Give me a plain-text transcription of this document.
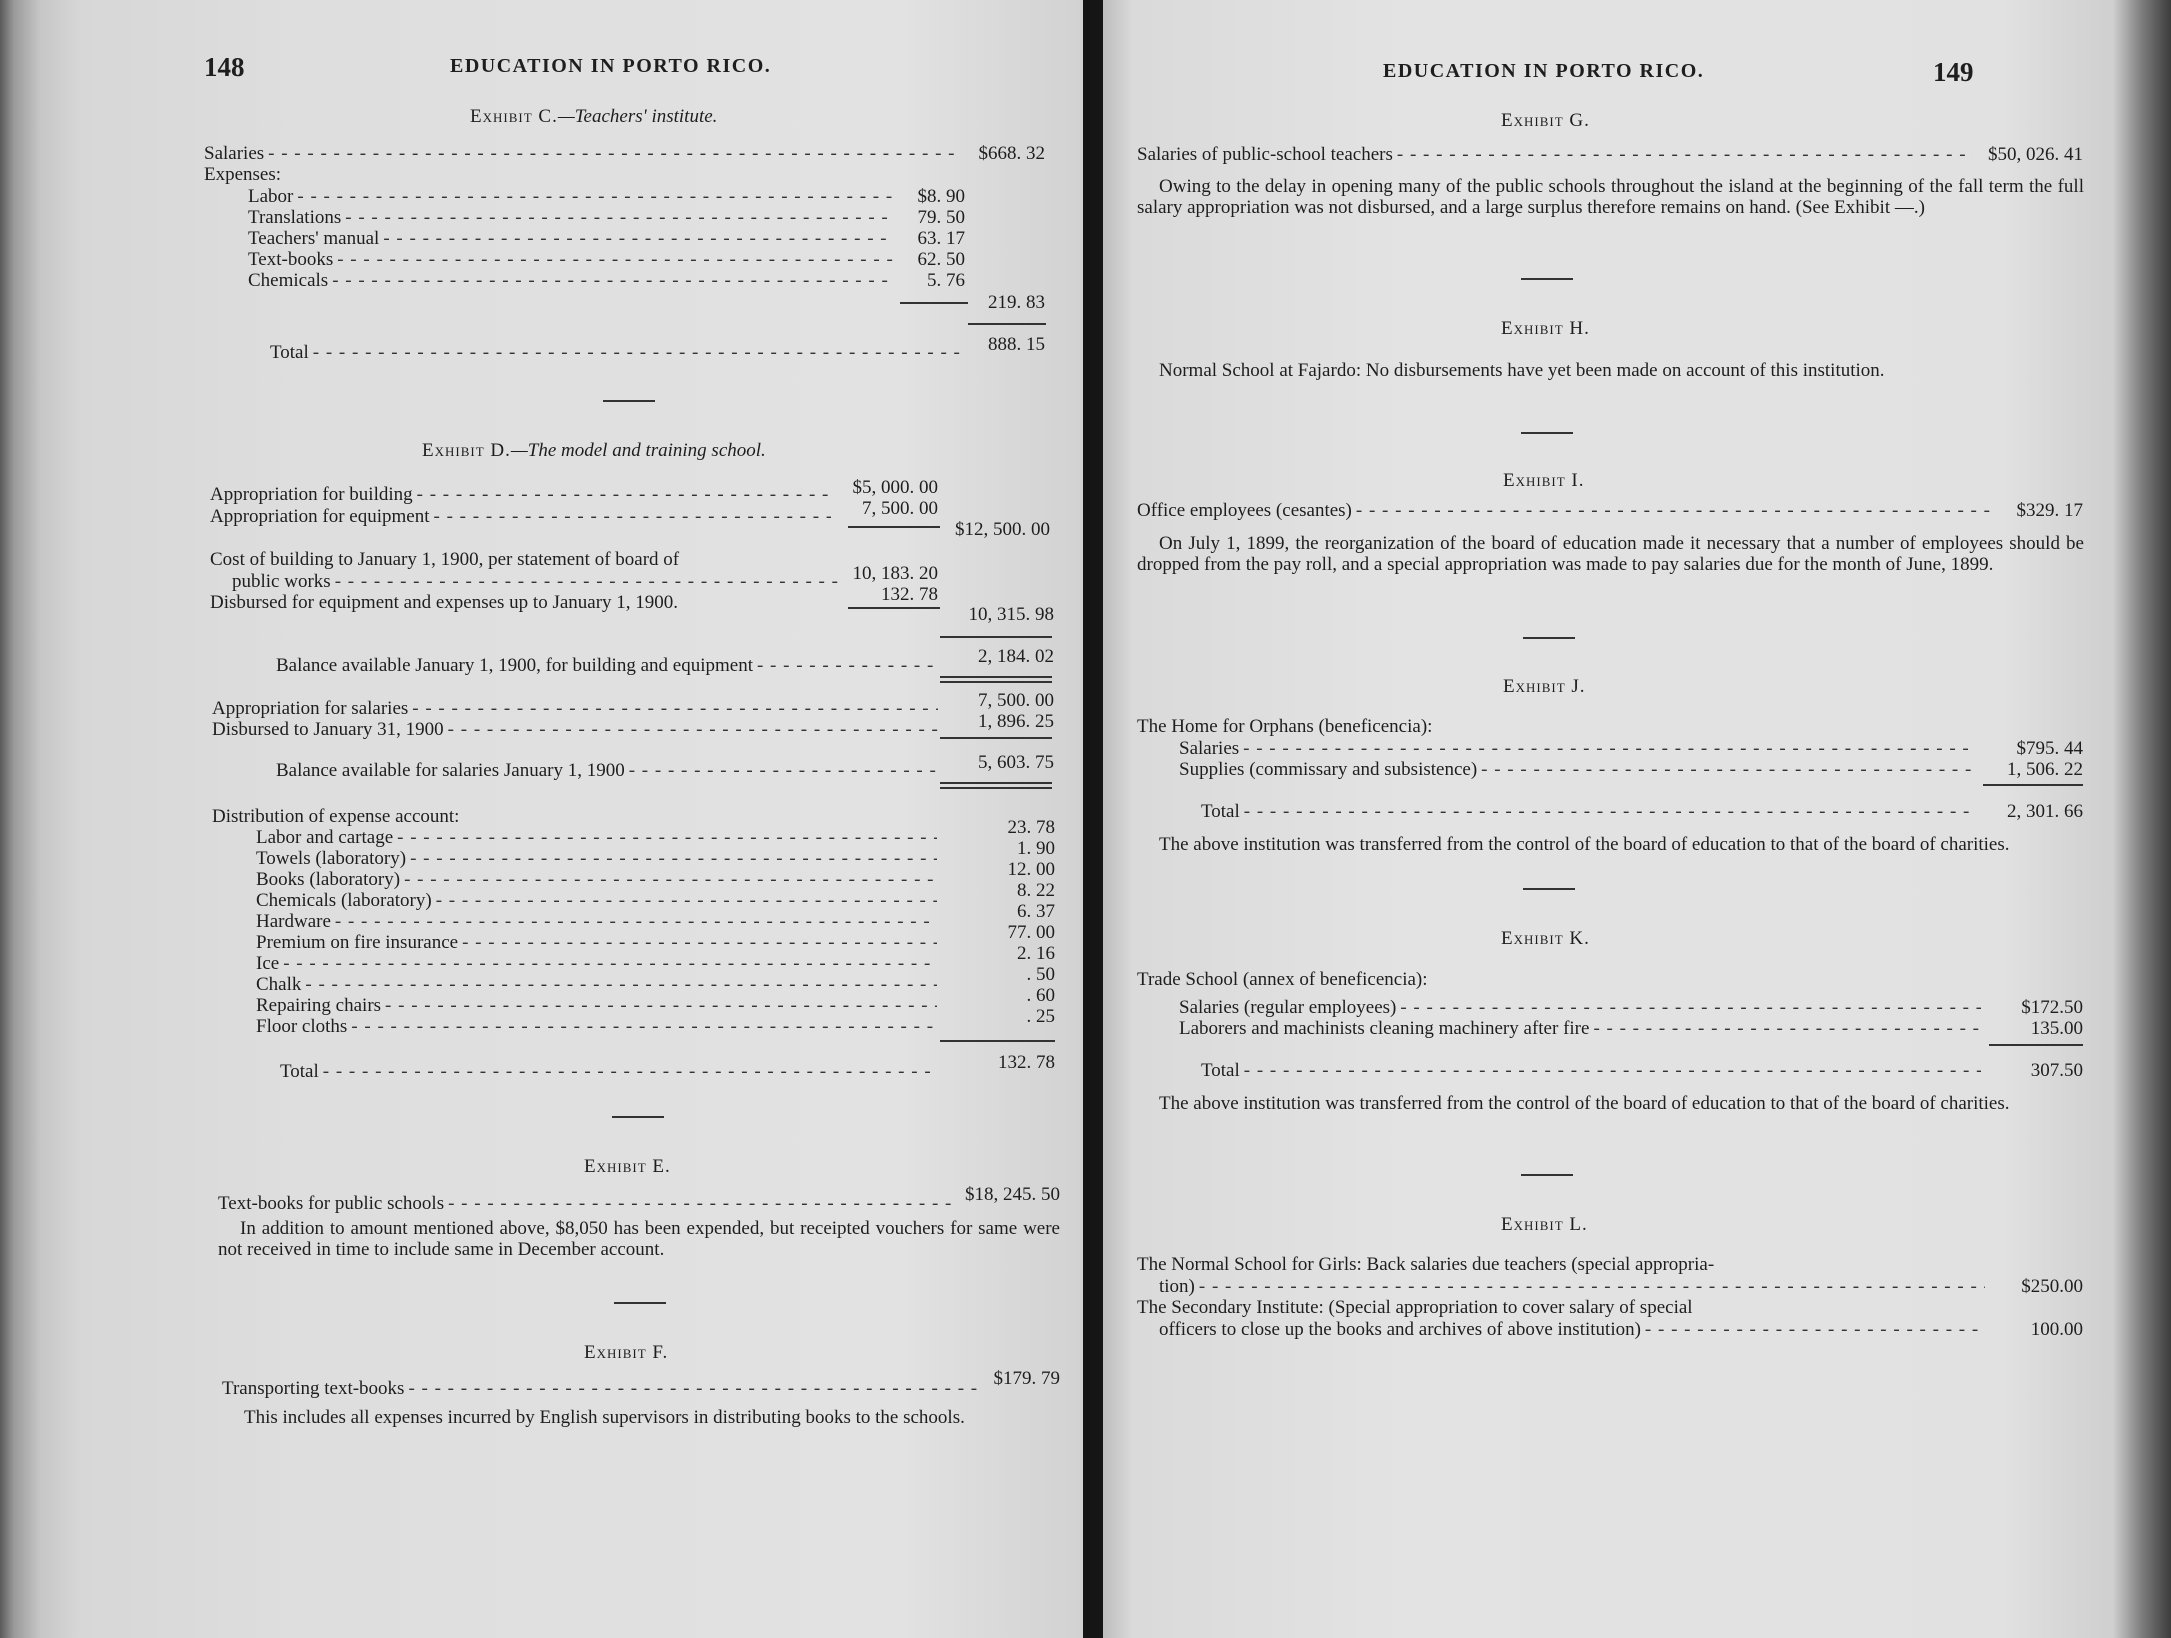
148	EDUCATION IN PORTO RICO.
Exhibit C.—Teachers' institute.
Salaries - - -	$668. 32
Expenses:
Labor - - -	$8. 90
Translations - - -	79. 50
Teachers' manual - - -	63. 17
Text-books - - -	62. 50
Chemicals - - -	5. 76
219. 83
Total - - -	888. 15
Exhibit D.—The model and training school.
Appropriation for building - - -	$5, 000. 00
Appropriation for equipment - - -	7, 500. 00
$12, 500. 00
Cost of building to January 1, 1900, per statement of board of
public works - - -	10, 183. 20
Disbursed for equipment and expenses up to January 1, 1900.	132. 78
10, 315. 98
Balance available January 1, 1900, for building and equipment - - -	2, 184. 02
Appropriation for salaries - - -	7, 500. 00
Disbursed to January 31, 1900 - - -	1, 896. 25
Balance available for salaries January 1, 1900 - - -	5, 603. 75
Distribution of expense account:
Labor and cartage - - -	23. 78
Towels (laboratory) - - -	1. 90
Books (laboratory) - - -	12. 00
Chemicals (laboratory) - - -	8. 22
Hardware - - -	6. 37
Premium on fire insurance - - -	77. 00
Ice - - -	2. 16
Chalk - - -	. 50
Repairing chairs - - -	. 60
Floor cloths - - -	. 25
Total - - -	132. 78
Exhibit E.
Text-books for public schools - - -	$18, 245. 50
In addition to amount mentioned above, $8,050 has been expended, but receipted vouchers for same were not received in time to include same in December account.
Exhibit F.
Transporting text-books - - -	$179. 79
This includes all expenses incurred by English supervisors in distributing books to the schools.
EDUCATION IN PORTO RICO.	149
Exhibit G.
Salaries of public-school teachers - - -	$50, 026. 41
Owing to the delay in opening many of the public schools throughout the island at the beginning of the fall term the full salary appropriation was not disbursed, and a large surplus therefore remains on hand. (See Exhibit —.)
Exhibit H.
Normal School at Fajardo: No disbursements have yet been made on account of this institution.
Exhibit I.
Office employees (cesantes) - - -	$329. 17
On July 1, 1899, the reorganization of the board of education made it necessary that a number of employees should be dropped from the pay roll, and a special appropriation was made to pay salaries due for the month of June, 1899.
Exhibit J.
The Home for Orphans (beneficencia):
Salaries - - -	$795. 44
Supplies (commissary and subsistence) - - -	1, 506. 22
Total - - -	2, 301. 66
The above institution was transferred from the control of the board of education to that of the board of charities.
Exhibit K.
Trade School (annex of beneficencia):
Salaries (regular employees) - - -	$172.50
Laborers and machinists cleaning machinery after fire - - -	135.00
Total - - -	307.50
The above institution was transferred from the control of the board of education to that of the board of charities.
Exhibit L.
The Normal School for Girls: Back salaries due teachers (special appropria-
tion) - - -	$250.00
The Secondary Institute: (Special appropriation to cover salary of special
officers to close up the books and archives of above institution) - - -	100.00
